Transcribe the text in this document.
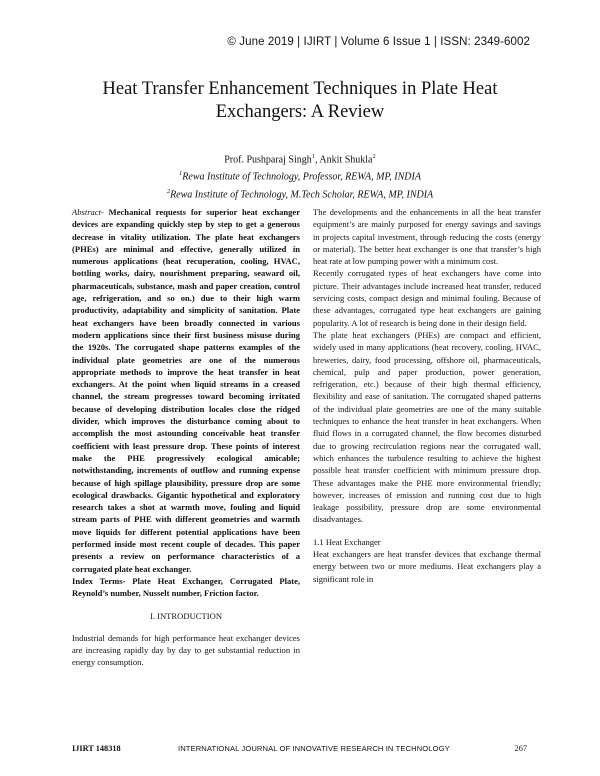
© June 2019 | IJIRT | Volume 6 Issue 1 | ISSN: 2349-6002
Heat Transfer Enhancement Techniques in Plate Heat
Exchangers: A Review
Prof. Pushparaj Singh$^1$, Ankit Shukla$^2$
$^1$Rewa Institute of Technology, Professor, REWA, MP, INDIA
$^2$Rewa Institute of Technology, M.Tech Scholar, REWA, MP, INDIA

Abstract- Mechanical requests for superior heat exchanger devices are expanding quickly step by step to get a generous decrease in vitality utilization. The plate heat exchangers (PHEs) are minimal and effective, generally utilized in numerous applications (heat recuperation, cooling, HVAC, bottling works, dairy, nourishment preparing, seaward oil, pharmaceuticals, substance, mash and paper creation, control age, refrigeration, and so on.) due to their high warm productivity, adaptability and simplicity of sanitation. Plate heat exchangers have been broadly connected in various modern applications since their first business misuse during the 1920s. The corrugated shape patterns examples of the individual plate geometries are one of the numerous appropriate methods to improve the heat transfer in heat exchangers. At the point when liquid streams in a creased channel, the stream progresses toward becoming irritated because of developing distribution locales close the ridged divider, which improves the disturbance coming about to accomplish the most astounding conceivable heat transfer coefficient with least pressure drop. These points of interest make the PHE progressively ecological amicable; notwithstanding, increments of outflow and running expense because of high spillage plausibility, pressure drop are some ecological drawbacks. Gigantic hypothetical and exploratory research takes a shot at warmth move, fouling and liquid stream parts of PHE with different geometries and warmth move liquids for different potential applications have been performed inside most recent couple of decades. This paper presents a review on performance characteristics of a corrugated plate heat exchanger.

Index Terms- Plate Heat Exchanger, Corrugated Plate, Reynold’s number, Nusselt number, Friction factor.

I. INTRODUCTION

Industrial demands for high performance heat exchanger devices are increasing rapidly day by day to get substantial reduction in energy consumption.

The developments and the enhancements in all the heat transfer equipment’s are mainly purposed for energy savings and savings in projects capital investment, through reducing the costs (energy or material). The better heat exchanger is one that transfer’s high heat rate at low pumping power with a minimum cost.

Recently corrugated types of heat exchangers have come into picture. Their advantages include increased heat transfer, reduced servicing costs, compact design and minimal fouling. Because of these advantages, corrugated type heat exchangers are gaining popularity. A lot of research is being done in their design field.

The plate heat exchangers (PHEs) are compact and efficient, widely used in many applications (heat recovery, cooling, HVAC, breweries, dairy, food processing, offshore oil, pharmaceuticals, chemical, pulp and paper production, power generation, refrigeration, etc.) because of their high thermal efficiency, flexibility and ease of sanitation. The corrugated shaped patterns of the individual plate geometries are one of the many suitable techniques to enhance the heat transfer in heat exchangers. When fluid flows in a corrugated channel, the flow becomes disturbed due to growing recirculation regions near the corrugated wall, which enhances the turbulence resulting to achieve the highest possible heat transfer coefficient with minimum pressure drop. These advantages make the PHE more environmental friendly; however, increases of emission and running cost due to high leakage possibility, pressure drop are some environmental disadvantages.

1.1 Heat Exchanger

Heat exchangers are heat transfer devices that exchange thermal energy between two or more mediums. Heat exchangers play a significant role in

IJIRT 148318	INTERNATIONAL JOURNAL OF INNOVATIVE RESEARCH IN TECHNOLOGY	267
